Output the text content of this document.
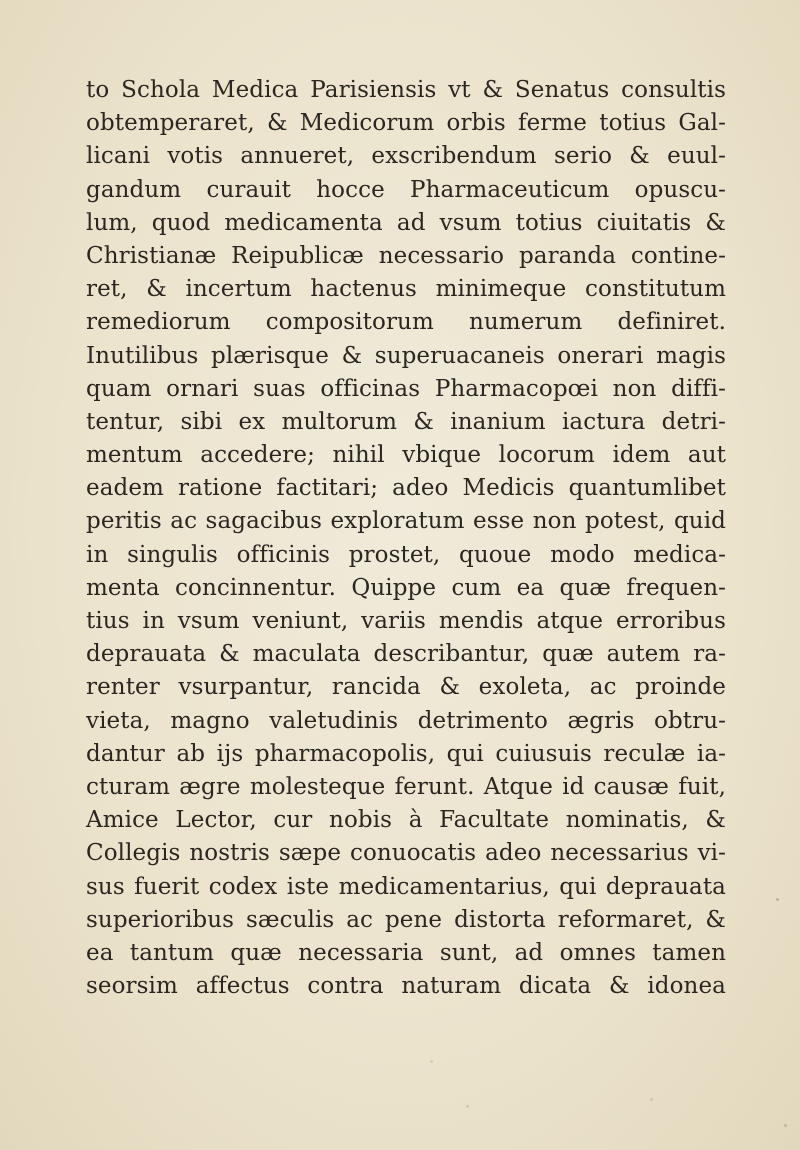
to Schola Medica Parisiensis vt & Senatus consultis
obtemperaret, & Medicorum orbis ferme totius Gal-
licani votis annueret, exscribendum serio & euul-
gandum curauit hocce Pharmaceuticum opuscu-
lum, quod medicamenta ad vsum totius ciuitatis &
Christianæ Reipublicæ necessario paranda contine-
ret, & incertum hactenus minimeque constitutum
remediorum compositorum numerum definiret.
Inutilibus plærisque & superuacaneis onerari magis
quam ornari suas officinas Pharmacopœi non diffi-
tentur, sibi ex multorum & inanium iactura detri-
mentum accedere; nihil vbique locorum idem aut
eadem ratione factitari; adeo Medicis quantumlibet
peritis ac sagacibus exploratum esse non potest, quid
in singulis officinis prostet, quoue modo medica-
menta concinnentur. Quippe cum ea quæ frequen-
tius in vsum veniunt, variis mendis atque erroribus
deprauata & maculata describantur, quæ autem ra-
renter vsurpantur, rancida & exoleta, ac proinde
vieta, magno valetudinis detrimento ægris obtru-
dantur ab ijs pharmacopolis, qui cuiusuis reculæ ia-
cturam ægre molesteque ferunt. Atque id causæ fuit,
Amice Lector, cur nobis à Facultate nominatis, &
Collegis nostris sæpe conuocatis adeo necessarius vi-
sus fuerit codex iste medicamentarius, qui deprauata
superioribus sæculis ac pene distorta reformaret, &
ea tantum quæ necessaria sunt, ad omnes tamen
seorsim affectus contra naturam dicata & idonea
